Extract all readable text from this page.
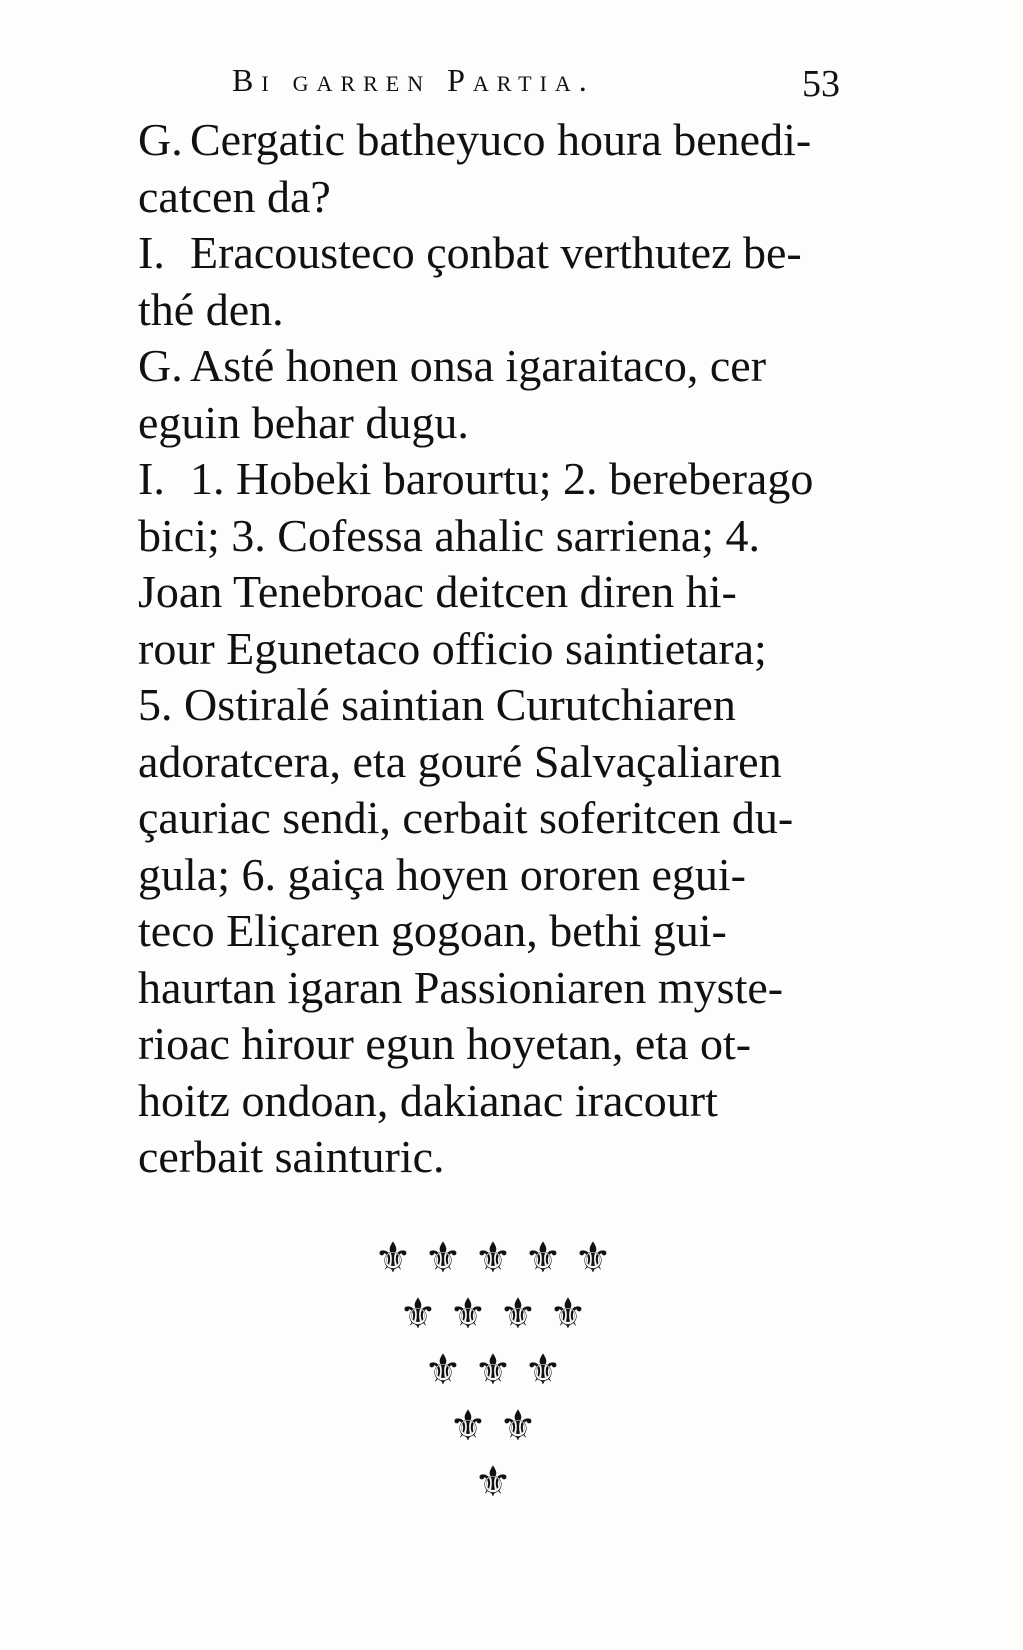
Bi garren Partia.	53

G. Cergatic batheyuco houra benedi-
catcen da?

I. Eracousteco çonbat verthutez be-
thé den.

G. Asté honen onsa igaraitaco, cer
eguin behar dugu.

I. 1. Hobeki barourtu; 2. bereberago
bici; 3. Cofessa ahalic sarriena; 4.
Joan Tenebroac deitcen diren hi-
rour Egunetaco officio saintietara;
5. Ostiralé saintian Curutchiaren
adoratcera, eta gouré Salvaçaliaren
çauriac sendi, cerbait soferitcen du-
gula; 6. gaiça hoyen ororen egui-
teco Eliçaren gogoan, bethi gui-
haurtan igaran Passioniaren myste-
rioac hirour egun hoyetan, eta ot-
hoitz ondoan, dakianac iracourt
cerbait sainturic.

⚜ ⚜ ⚜ ⚜ ⚜
⚜ ⚜ ⚜ ⚜
⚜ ⚜ ⚜
⚜ ⚜
⚜
